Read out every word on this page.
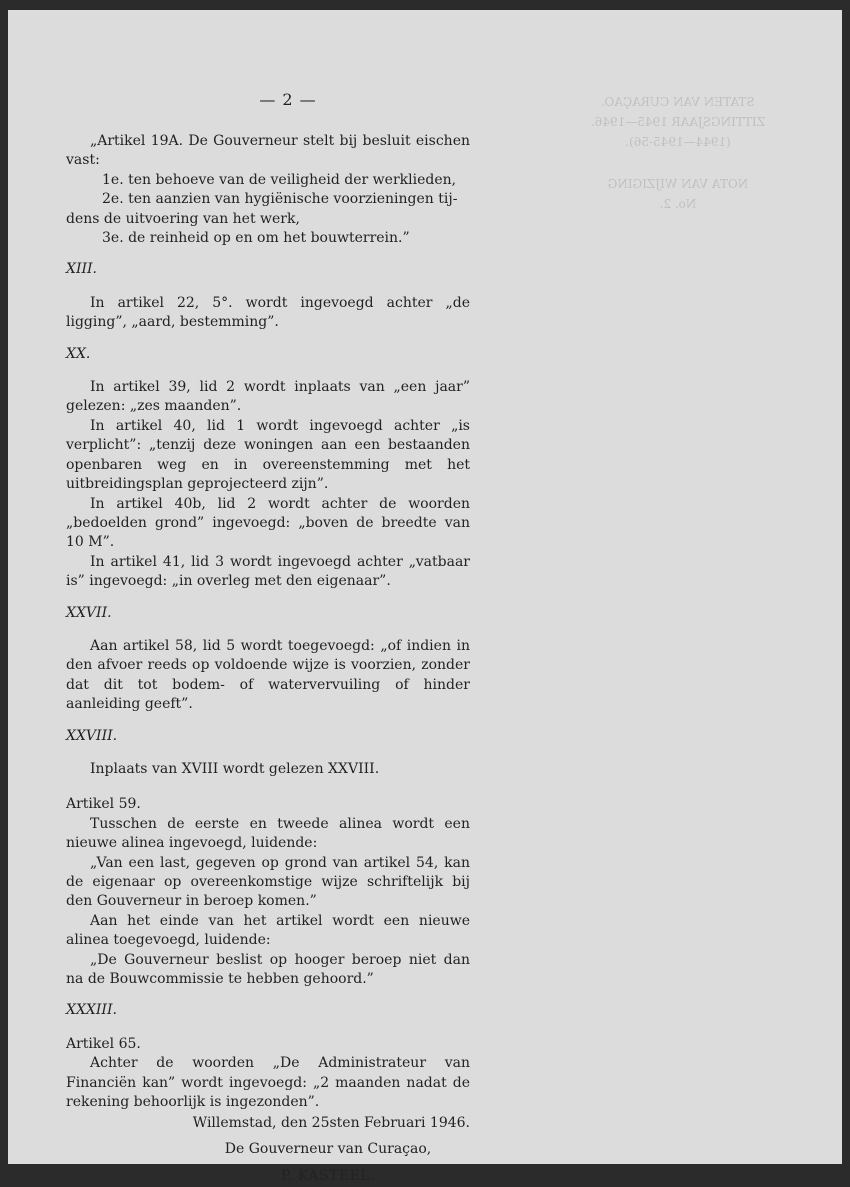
— 2 —	STATEN VAN CURAÇAO.

ZITTINGSJAAR 1945—1946.

(1944—1945-56).

NOTA VAN WIJZIGING

No. 2.

„Artikel 19A. De Gouverneur stelt bij besluit eischen vast:

1e. ten behoeve van de veiligheid der werklieden,

2e. ten aanzien van hygiënische voorzieningen tij-

dens de uitvoering van het werk,

3e. de reinheid op en om het bouwterrein.”

XIII.

In artikel 22, 5°. wordt ingevoegd achter „de ligging”, „aard, bestemming”.

XX.

In artikel 39, lid 2 wordt inplaats van „een jaar” gelezen: „zes maanden”.

In artikel 40, lid 1 wordt ingevoegd achter „is verplicht”: „tenzij deze woningen aan een bestaanden openbaren weg en in overeenstemming met het uitbreidingsplan geprojecteerd zijn”.

In artikel 40b, lid 2 wordt achter de woorden „bedoelden grond” ingevoegd: „boven de breedte van 10 M”.

In artikel 41, lid 3 wordt ingevoegd achter „vatbaar is” ingevoegd: „in overleg met den eigenaar”.

XXVII.

Aan artikel 58, lid 5 wordt toegevoegd: „of indien in den afvoer reeds op voldoende wijze is voorzien, zonder dat dit tot bodem- of watervervuiling of hinder aanleiding geeft”.

XXVIII.

Inplaats van XVIII wordt gelezen XXVIII.

Artikel 59.

Tusschen de eerste en tweede alinea wordt een nieuwe alinea ingevoegd, luidende:

„Van een last, gegeven op grond van artikel 54, kan de eigenaar op overeenkomstige wijze schriftelijk bij den Gouverneur in beroep komen.”

Aan het einde van het artikel wordt een nieuwe alinea toegevoegd, luidende:

„De Gouverneur beslist op hooger beroep niet dan na de Bouwcommissie te hebben gehoord.”

XXXIII.

Artikel 65.

Achter de woorden „De Administrateur van Financiën kan” wordt ingevoegd: „2 maanden nadat de rekening behoorlijk is ingezonden”.

Willemstad, den 25sten Februari 1946.

De Gouverneur van Curaçao,

P. KASTEEL.
